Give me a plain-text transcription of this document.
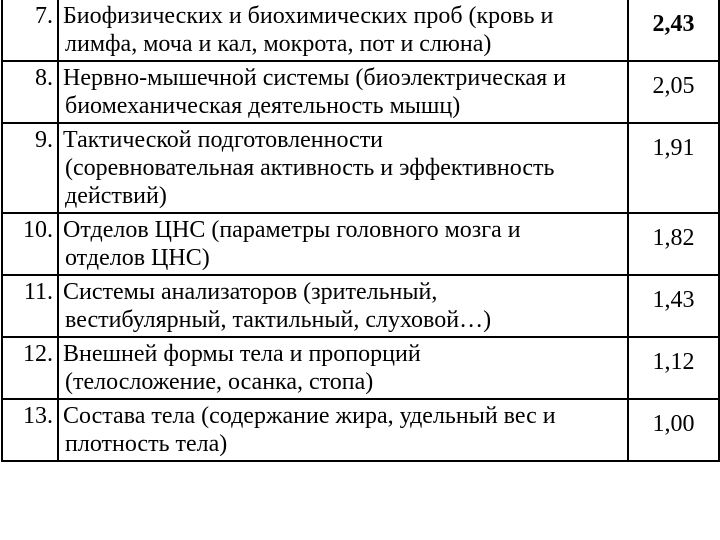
7.	Биофизических и биохимических проб (кровь и
лимфа, моча и кал, мокрота, пот и слюна)	2,43
8.	Нервно-мышечной системы (биоэлектрическая и
биомеханическая деятельность мышц)	2,05
9.	Тактической подготовленности
(соревновательная активность и эффективность
действий)	1,91
10.	Отделов ЦНС (параметры головного мозга и
отделов ЦНС)	1,82
11.	Системы анализаторов (зрительный,
вестибулярный, тактильный, слуховой…)	1,43
12.	Внешней формы тела и пропорций
(телосложение, осанка, стопа)	1,12
13.	Состава тела (содержание жира, удельный вес и
плотность тела)	1,00
